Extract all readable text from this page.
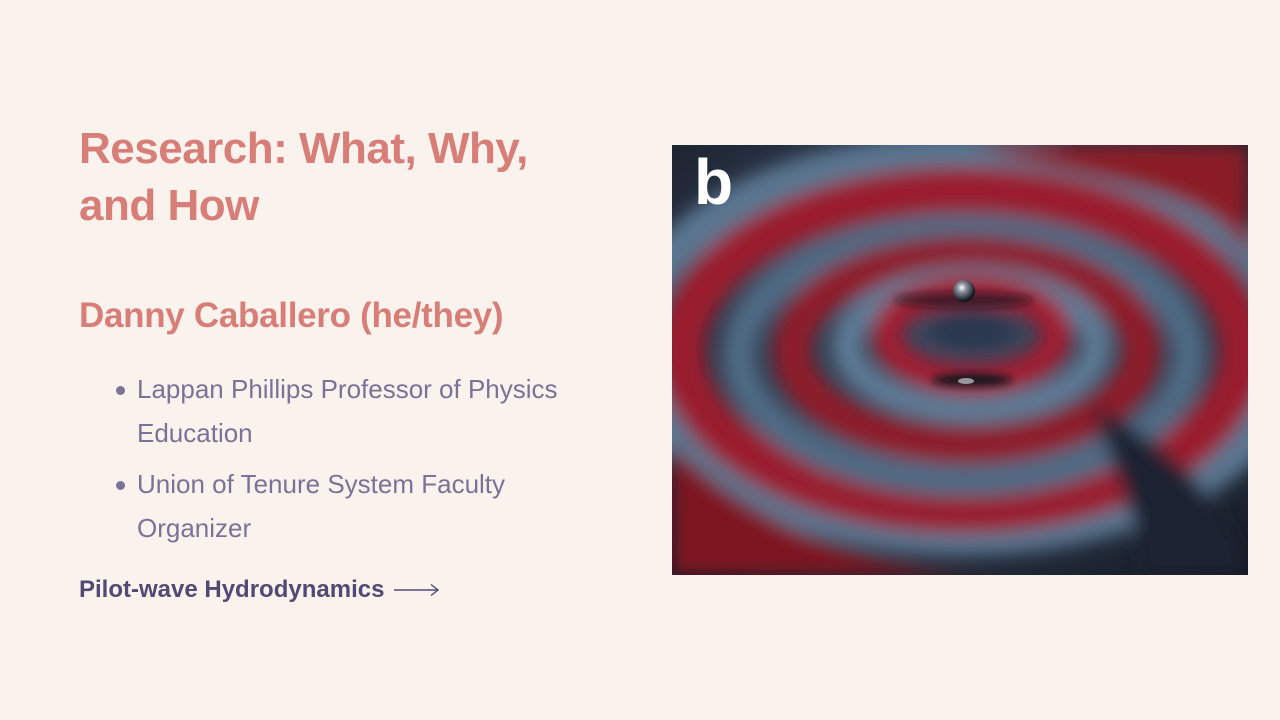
Research: What, Why, and How
Danny Caballero (he/they)
Lappan Phillips Professor of Physics Education
Union of Tenure System Faculty Organizer
Pilot-wave Hydrodynamics
b
